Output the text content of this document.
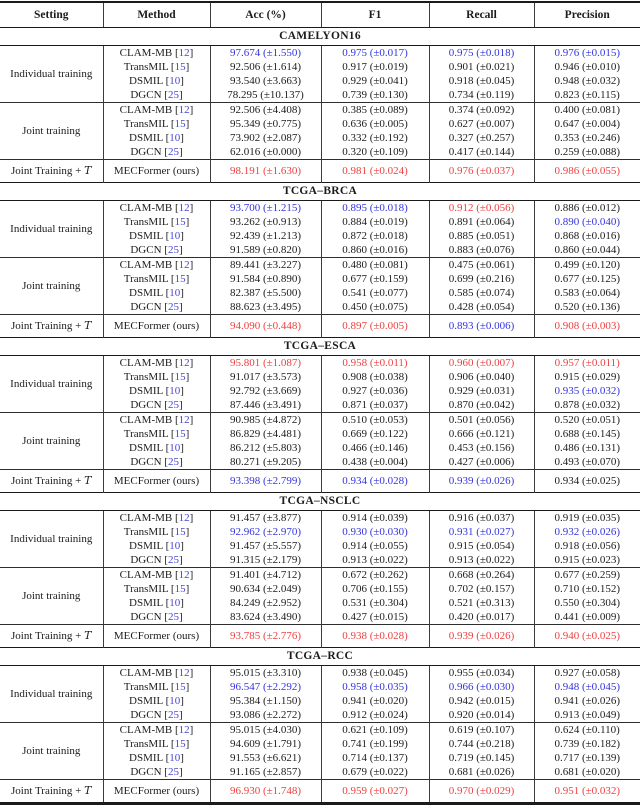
Setting	Method	Acc (%)	F1	Recall	Precision
CAMELYON16					
Individual training	CLAM-MB [12]	97.674 (±1.550)	0.975 (±0.017)	0.975 (±0.018)	0.976 (±0.015)
	TransMIL [15]	92.506 (±1.614)	0.917 (±0.019)	0.901 (±0.021)	0.946 (±0.010)
	DSMIL [10]	93.540 (±3.663)	0.929 (±0.041)	0.918 (±0.045)	0.948 (±0.032)
	DGCN [25]	78.295 (±10.137)	0.739 (±0.130)	0.734 (±0.119)	0.823 (±0.115)
Joint training	CLAM-MB [12]	92.506 (±4.408)	0.385 (±0.089)	0.374 (±0.092)	0.400 (±0.081)
	TransMIL [15]	95.349 (±0.775)	0.636 (±0.005)	0.627 (±0.007)	0.647 (±0.004)
	DSMIL [10]	73.902 (±2.087)	0.332 (±0.192)	0.327 (±0.257)	0.353 (±0.246)
	DGCN [25]	62.016 (±0.000)	0.320 (±0.109)	0.417 (±0.144)	0.259 (±0.088)
Joint Training + T	MECFormer (ours)	98.191 (±1.630)	0.981 (±0.024)	0.976 (±0.037)	0.986 (±0.055)
TCGA–BRCA					
Individual training	CLAM-MB [12]	93.700 (±1.215)	0.895 (±0.018)	0.912 (±0.056)	0.886 (±0.012)
	TransMIL [15]	93.262 (±0.913)	0.884 (±0.019)	0.891 (±0.064)	0.890 (±0.040)
	DSMIL [10]	92.439 (±1.213)	0.872 (±0.018)	0.885 (±0.051)	0.868 (±0.016)
	DGCN [25]	91.589 (±0.820)	0.860 (±0.016)	0.883 (±0.076)	0.860 (±0.044)
Joint training	CLAM-MB [12]	89.441 (±3.227)	0.480 (±0.081)	0.475 (±0.061)	0.499 (±0.120)
	TransMIL [15]	91.584 (±0.890)	0.677 (±0.159)	0.699 (±0.216)	0.677 (±0.125)
	DSMIL [10]	82.387 (±5.500)	0.541 (±0.077)	0.585 (±0.074)	0.583 (±0.064)
	DGCN [25]	88.623 (±3.495)	0.450 (±0.075)	0.428 (±0.054)	0.520 (±0.136)
Joint Training + T	MECFormer (ours)	94.090 (±0.448)	0.897 (±0.005)	0.893 (±0.006)	0.908 (±0.003)
TCGA–ESCA					
Individual training	CLAM-MB [12]	95.801 (±1.087)	0.958 (±0.011)	0.960 (±0.007)	0.957 (±0.011)
	TransMIL [15]	91.017 (±3.573)	0.908 (±0.038)	0.906 (±0.040)	0.915 (±0.029)
	DSMIL [10]	92.792 (±3.669)	0.927 (±0.036)	0.929 (±0.031)	0.935 (±0.032)
	DGCN [25]	87.446 (±3.491)	0.871 (±0.037)	0.870 (±0.042)	0.878 (±0.032)
Joint training	CLAM-MB [12]	90.985 (±4.872)	0.510 (±0.053)	0.501 (±0.056)	0.520 (±0.051)
	TransMIL [15]	86.829 (±4.481)	0.669 (±0.122)	0.666 (±0.121)	0.688 (±0.145)
	DSMIL [10]	86.212 (±5.803)	0.466 (±0.146)	0.453 (±0.156)	0.486 (±0.131)
	DGCN [25]	80.271 (±9.205)	0.438 (±0.004)	0.427 (±0.006)	0.493 (±0.070)
Joint Training + T	MECFormer (ours)	93.398 (±2.799)	0.934 (±0.028)	0.939 (±0.026)	0.934 (±0.025)
TCGA–NSCLC					
Individual training	CLAM-MB [12]	91.457 (±3.877)	0.914 (±0.039)	0.916 (±0.037)	0.919 (±0.035)
	TransMIL [15]	92.962 (±2.970)	0.930 (±0.030)	0.931 (±0.027)	0.932 (±0.026)
	DSMIL [10]	91.457 (±5.557)	0.914 (±0.055)	0.915 (±0.054)	0.918 (±0.056)
	DGCN [25]	91.315 (±2.179)	0.913 (±0.022)	0.913 (±0.022)	0.915 (±0.023)
Joint training	CLAM-MB [12]	91.401 (±4.712)	0.672 (±0.262)	0.668 (±0.264)	0.677 (±0.259)
	TransMIL [15]	90.634 (±2.049)	0.706 (±0.155)	0.702 (±0.157)	0.710 (±0.152)
	DSMIL [10]	84.249 (±2.952)	0.531 (±0.304)	0.521 (±0.313)	0.550 (±0.304)
	DGCN [25]	83.624 (±3.490)	0.427 (±0.015)	0.420 (±0.017)	0.441 (±0.009)
Joint Training + T	MECFormer (ours)	93.785 (±2.776)	0.938 (±0.028)	0.939 (±0.026)	0.940 (±0.025)
TCGA–RCC					
Individual training	CLAM-MB [12]	95.015 (±3.310)	0.938 (±0.045)	0.955 (±0.034)	0.927 (±0.058)
	TransMIL [15]	96.547 (±2.292)	0.958 (±0.035)	0.966 (±0.030)	0.948 (±0.045)
	DSMIL [10]	95.384 (±1.150)	0.941 (±0.020)	0.942 (±0.015)	0.941 (±0.026)
	DGCN [25]	93.086 (±2.272)	0.912 (±0.024)	0.920 (±0.014)	0.913 (±0.049)
Joint training	CLAM-MB [12]	95.015 (±4.030)	0.621 (±0.109)	0.619 (±0.107)	0.624 (±0.110)
	TransMIL [15]	94.609 (±1.791)	0.741 (±0.199)	0.744 (±0.218)	0.739 (±0.182)
	DSMIL [10]	91.553 (±6.621)	0.714 (±0.137)	0.719 (±0.145)	0.717 (±0.139)
	DGCN [25]	91.165 (±2.857)	0.679 (±0.022)	0.681 (±0.026)	0.681 (±0.020)
Joint Training + T	MECFormer (ours)	96.930 (±1.748)	0.959 (±0.027)	0.970 (±0.029)	0.951 (±0.032)
